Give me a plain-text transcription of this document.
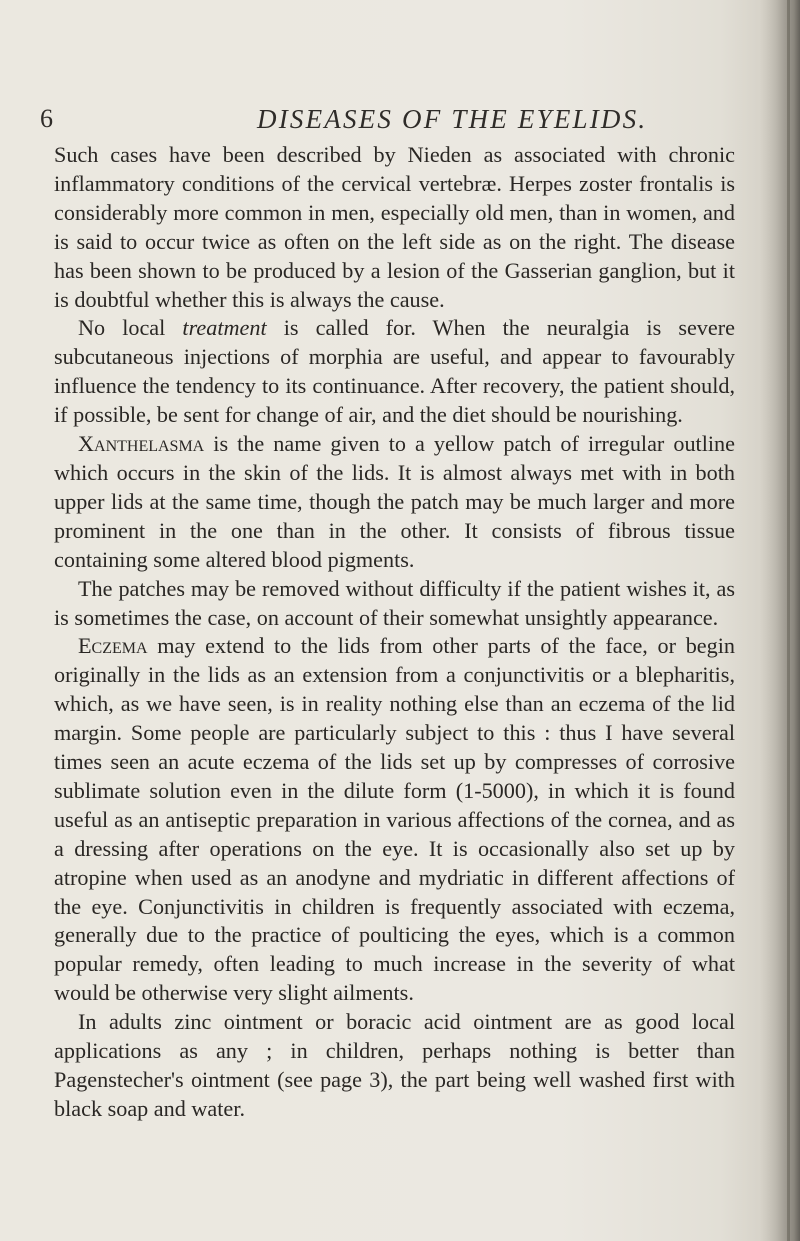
6	DISEASES OF THE EYELIDS.

Such cases have been described by Nieden as associated with chronic inflammatory conditions of the cervical vertebræ. Herpes zoster frontalis is considerably more common in men, especially old men, than in women, and is said to occur twice as often on the left side as on the right. The disease has been shown to be produced by a lesion of the Gasserian ganglion, but it is doubtful whether this is always the cause.

No local treatment is called for. When the neuralgia is severe subcutaneous injections of morphia are useful, and appear to favourably influence the tendency to its continuance. After recovery, the patient should, if possible, be sent for change of air, and the diet should be nourishing.

Xanthelasma is the name given to a yellow patch of irregular outline which occurs in the skin of the lids. It is almost always met with in both upper lids at the same time, though the patch may be much larger and more prominent in the one than in the other. It consists of fibrous tissue containing some altered blood pigments.

The patches may be removed without difficulty if the patient wishes it, as is sometimes the case, on account of their somewhat unsightly appearance.

Eczema may extend to the lids from other parts of the face, or begin originally in the lids as an extension from a conjunctivitis or a blepharitis, which, as we have seen, is in reality nothing else than an eczema of the lid margin. Some people are particularly subject to this : thus I have several times seen an acute eczema of the lids set up by compresses of corrosive sublimate solution even in the dilute form (1-5000), in which it is found useful as an antiseptic preparation in various affections of the cornea, and as a dressing after operations on the eye. It is occasionally also set up by atropine when used as an anodyne and mydriatic in different affections of the eye. Conjunctivitis in children is frequently associated with eczema, generally due to the practice of poulticing the eyes, which is a common popular remedy, often leading to much increase in the severity of what would be otherwise very slight ailments.

In adults zinc ointment or boracic acid ointment are as good local applications as any ; in children, perhaps nothing is better than Pagenstecher's ointment (see page 3), the part being well washed first with black soap and water.
